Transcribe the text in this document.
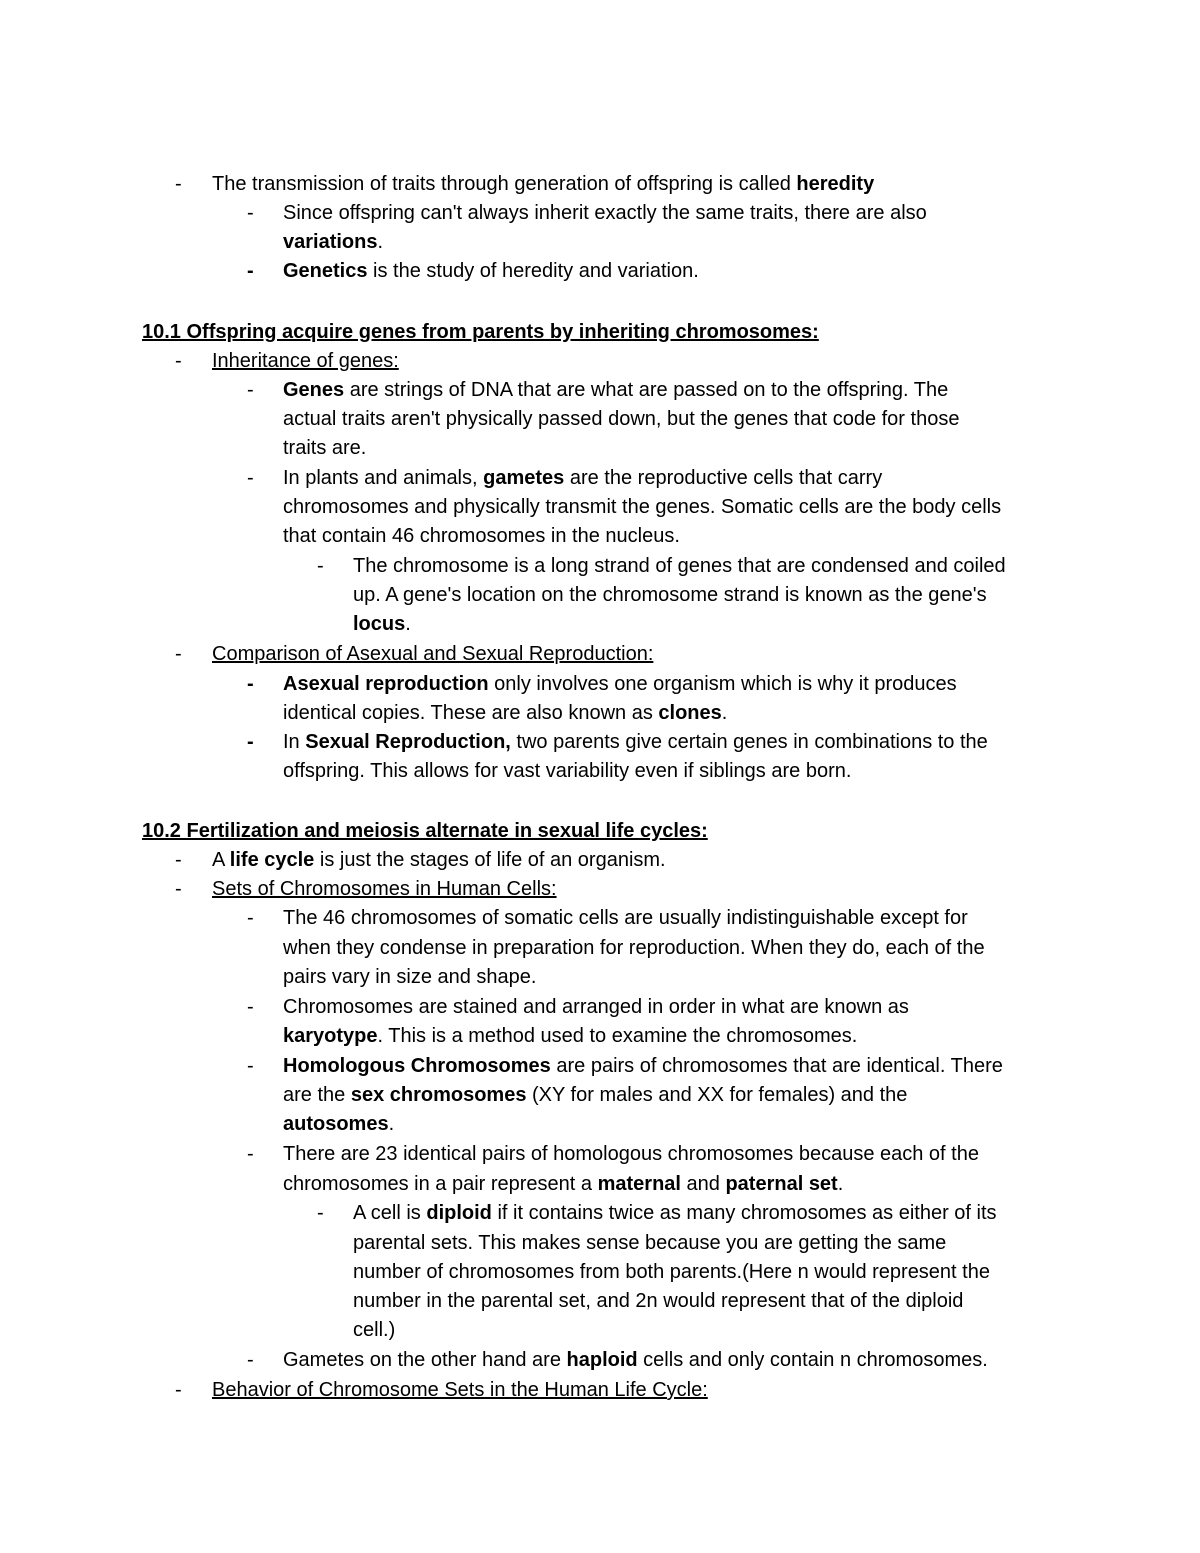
- The transmission of traits through generation of offspring is called heredity
- Since offspring can't always inherit exactly the same traits, there are also
variations.
- Genetics is the study of heredity and variation.
10.1 Offspring acquire genes from parents by inheriting chromosomes:
- Inheritance of genes:
- Genes are strings of DNA that are what are passed on to the offspring. The
actual traits aren't physically passed down, but the genes that code for those
traits are.
- In plants and animals, gametes are the reproductive cells that carry
chromosomes and physically transmit the genes. Somatic cells are the body cells
that contain 46 chromosomes in the nucleus.
- The chromosome is a long strand of genes that are condensed and coiled
up. A gene's location on the chromosome strand is known as the gene's
locus.
- Comparison of Asexual and Sexual Reproduction:
- Asexual reproduction only involves one organism which is why it produces
identical copies. These are also known as clones.
- In Sexual Reproduction, two parents give certain genes in combinations to the
offspring. This allows for vast variability even if siblings are born.
10.2 Fertilization and meiosis alternate in sexual life cycles:
- A life cycle is just the stages of life of an organism.
- Sets of Chromosomes in Human Cells:
- The 46 chromosomes of somatic cells are usually indistinguishable except for
when they condense in preparation for reproduction. When they do, each of the
pairs vary in size and shape.
- Chromosomes are stained and arranged in order in what are known as
karyotype. This is a method used to examine the chromosomes.
- Homologous Chromosomes are pairs of chromosomes that are identical. There
are the sex chromosomes (XY for males and XX for females) and the
autosomes.
- There are 23 identical pairs of homologous chromosomes because each of the
chromosomes in a pair represent a maternal and paternal set.
- A cell is diploid if it contains twice as many chromosomes as either of its
parental sets. This makes sense because you are getting the same
number of chromosomes from both parents.(Here n would represent the
number in the parental set, and 2n would represent that of the diploid
cell.)
- Gametes on the other hand are haploid cells and only contain n chromosomes.
- Behavior of Chromosome Sets in the Human Life Cycle:
